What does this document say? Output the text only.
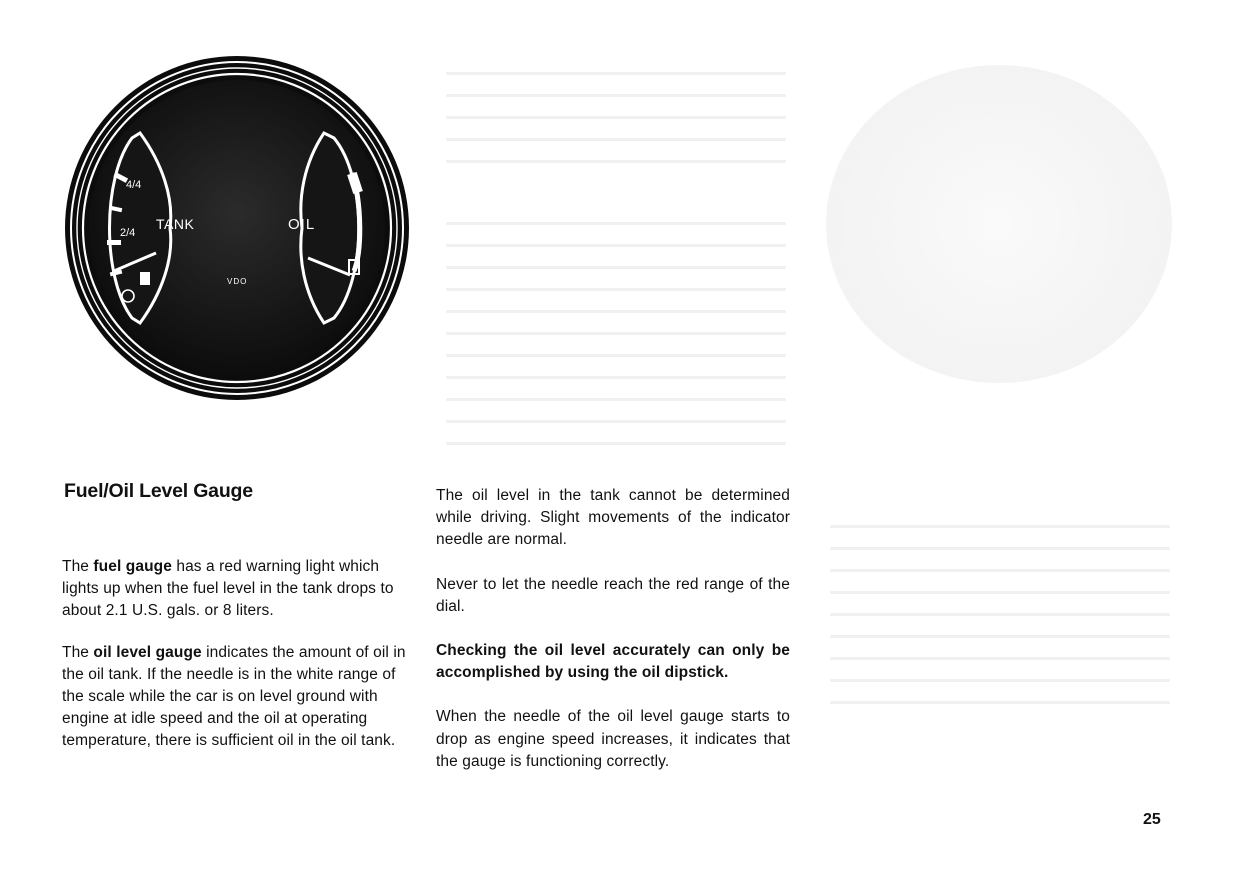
4/4
2/4
TANK	OIL
VDO
Fuel/Oil Level Gauge

The fuel gauge has a red warning light which lights up when the fuel level in the tank drops to about 2.1 U.S. gals. or 8 liters.

The oil level gauge indicates the amount of oil in the oil tank. If the needle is in the white range of the scale while the car is on level ground with engine at idle speed and the oil at operating temperature, there is sufficient oil in the oil tank.

The oil level in the tank cannot be determined while driving. Slight movements of the indicator needle are normal.

Never to let the needle reach the red range of the dial.

Checking the oil level accurately can only be accomplished by using the oil dipstick.

When the needle of the oil level gauge starts to drop as engine speed increases, it indicates that the gauge is functioning correctly.

25
